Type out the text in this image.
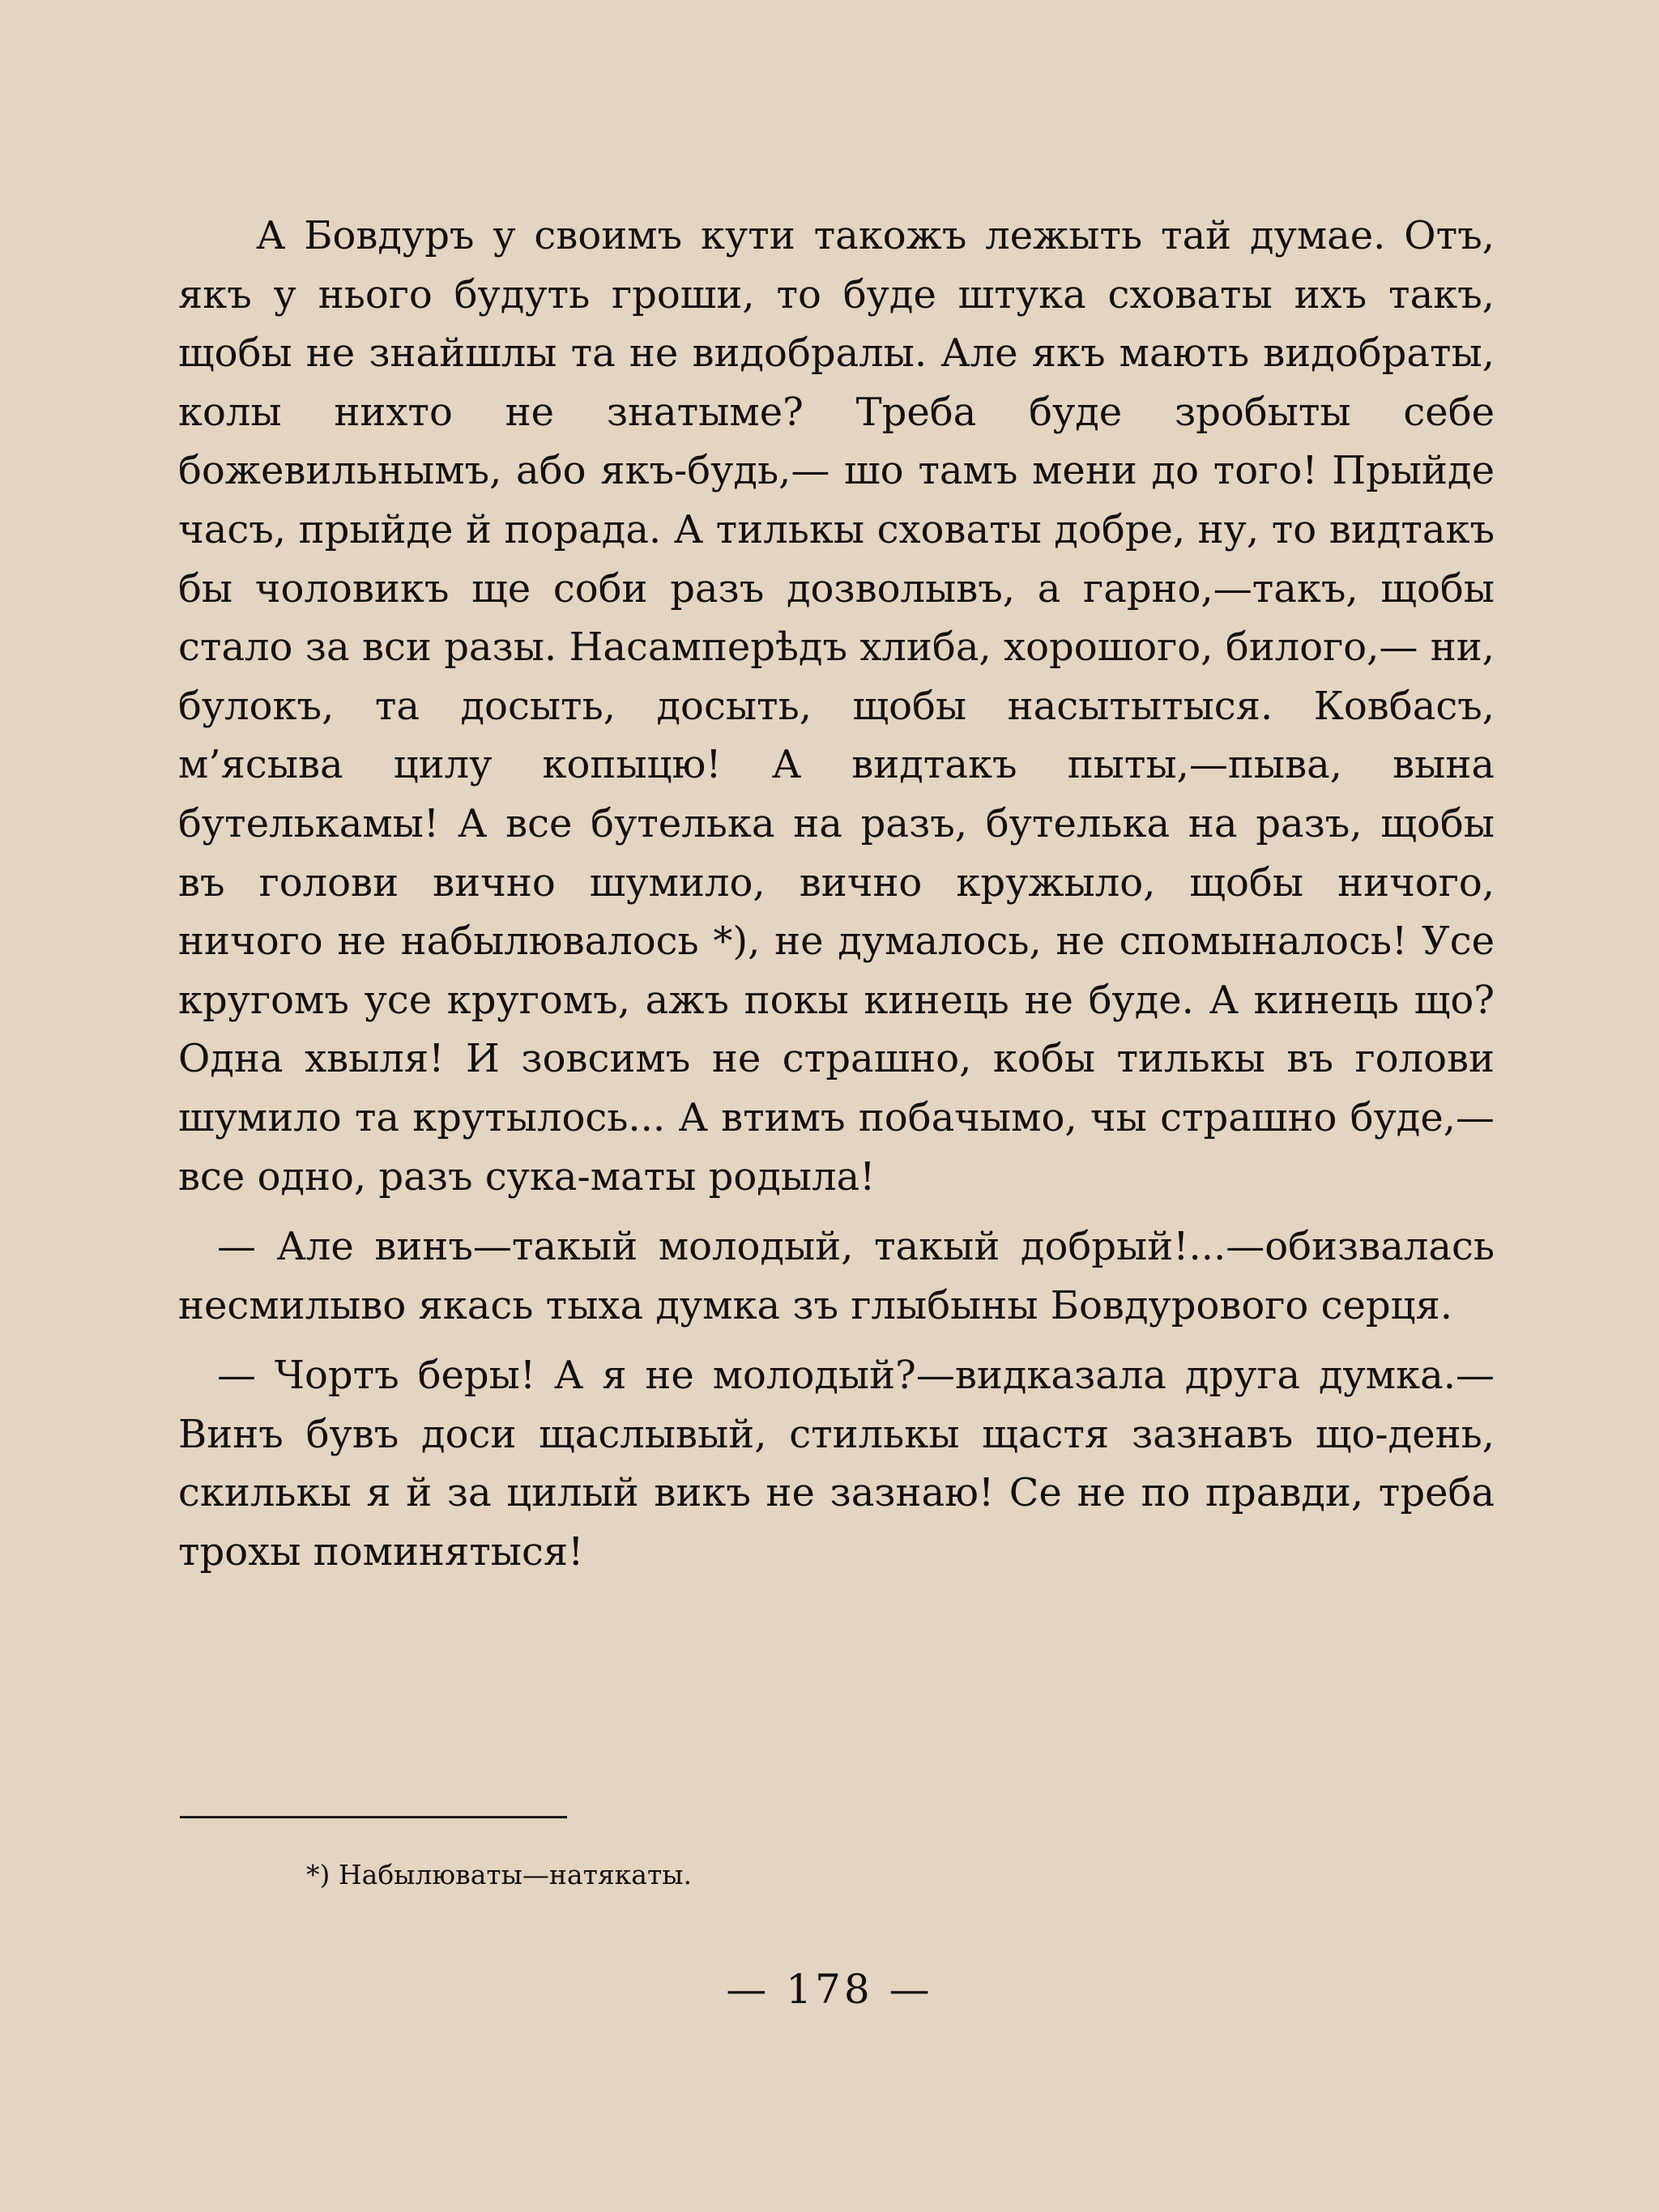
  А Бовдуръ у своимъ кути такожъ лежыть тай думае. Отъ, якъ у нього будуть гроши, то буде штука сховаты ихъ такъ, щобы не знайшлы та не видобралы. Але якъ мають видобраты, колы нихто не знатыме? Треба буде зробыты себе божевильнымъ, або якъ-будь,— шо тамъ мени до того! Прыйде часъ, прыйде й порада. А тилькы сховаты добре, ну, то видтакъ бы чоловикъ ще соби разъ дозволывъ, а гарно,—такъ, щобы стало за вси разы. Насамперѣдъ хлиба, хорошого, билого,— ни, булокъ, та досыть, досыть, щобы насытытыся. Ковбасъ, м’ясыва цилу копыцю! А видтакъ пыты,—пыва, вына бутелькамы! А все бутелька на разъ, бутелька на разъ, щобы въ голови вично шумило, вично кружыло, щобы ничого, ничого не набылювалось *), не думалось, не спомыналось! Усе кругомъ усе кругомъ, ажъ покы кинець не буде. А кинець що? Одна хвыля! И зовсимъ не страшно, кобы тилькы въ голови шумило та крутылось... А втимъ побачымо, чы страшно буде,—все одно, разъ сука-маты родыла!

 — Але винъ—такый молодый, такый добрый!...—обизвалась несмилыво якась тыха думка зъ глыбыны Бовдурового серця.

 — Чортъ беры! А я не молодый?—видказала друга думка.—Винъ бувъ доси щаслывый, стилькы щастя зазнавъ що-день, скилькы я й за цилый викъ не зазнаю! Се не по правди, треба трохы поминятыся!

*) Набылюваты—натякаты.
— 178 —
